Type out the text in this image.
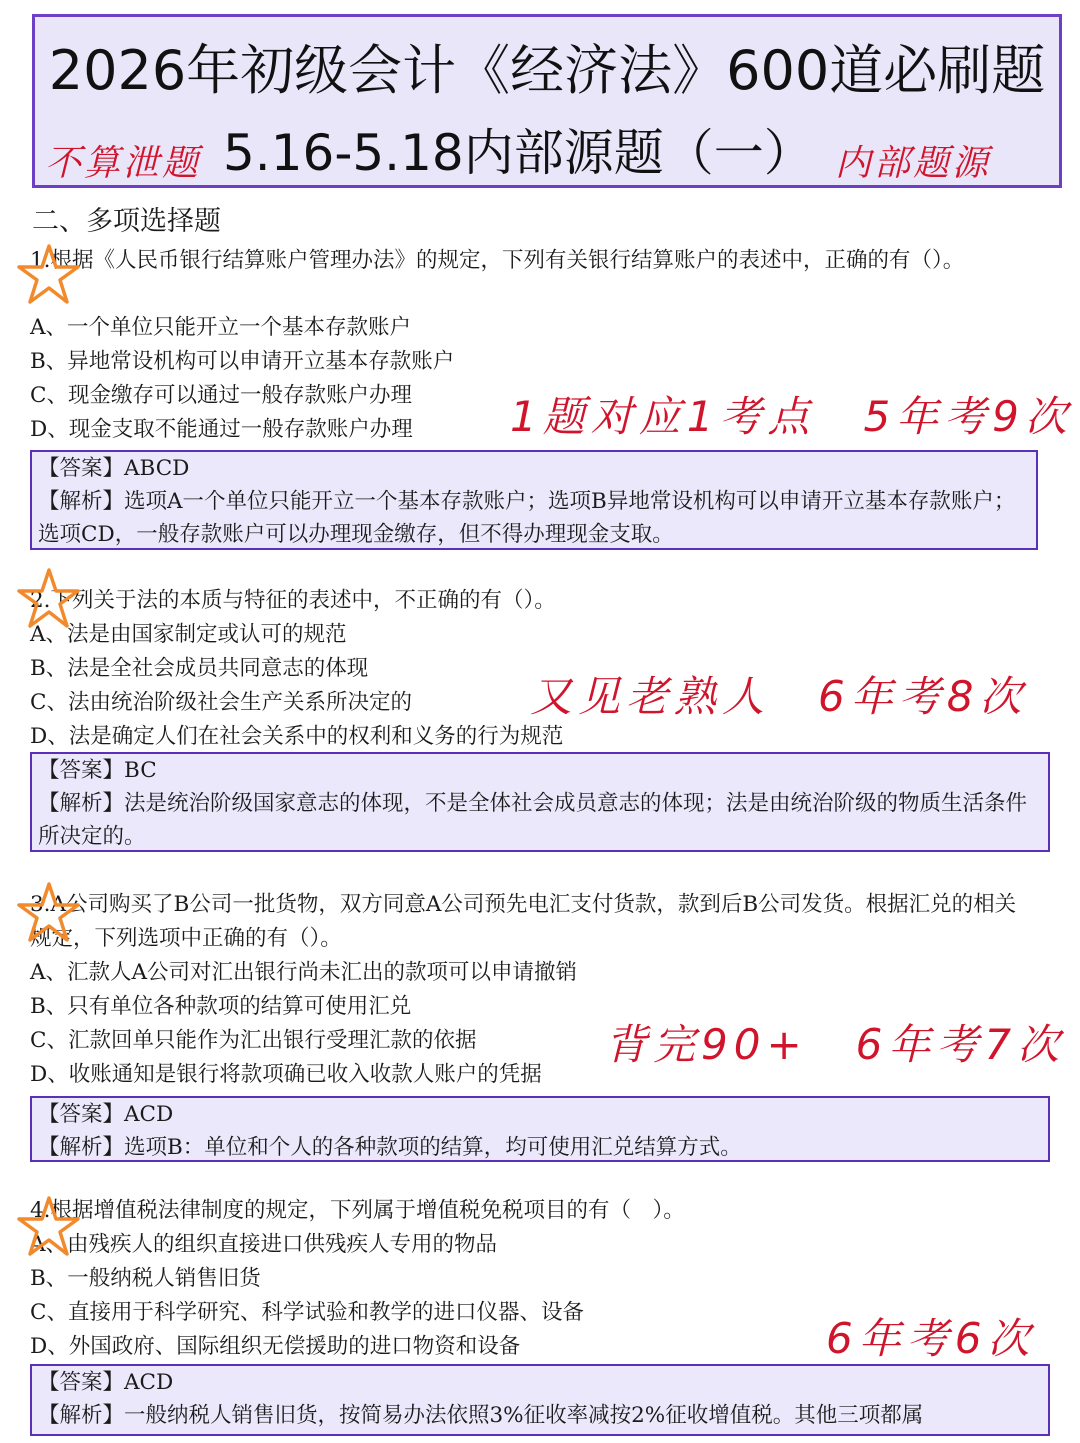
2026年初级会计《经济法》600道必刷题
不算泄题 5.16-5.18内部源题（一） 内部题源
二、多项选择题
1.根据《人民币银行结算账户管理办法》的规定，下列有关银行结算账户的表述中，正确的有（）。
A、一个单位只能开立一个基本存款账户
B、异地常设机构可以申请开立基本存款账户
C、现金缴存可以通过一般存款账户办理
D、现金支取不能通过一般存款账户办理 1题对应1考点　5年考9次
【答案】ABCD
【解析】选项A一个单位只能开立一个基本存款账户；选项B异地常设机构可以申请开立基本存款账户；选项CD，一般存款账户可以办理现金缴存，但不得办理现金支取。
2.下列关于法的本质与特征的表述中，不正确的有（）。
A、法是由国家制定或认可的规范
B、法是全社会成员共同意志的体现
C、法由统治阶级社会生产关系所决定的
D、法是确定人们在社会关系中的权利和义务的行为规范
又见老熟人　6年考8次
【答案】BC
【解析】法是统治阶级国家意志的体现，不是全体社会成员意志的体现；法是由统治阶级的物质生活条件所决定的。
3.A公司购买了B公司一批货物，双方同意A公司预先电汇支付货款，款到后B公司发货。根据汇兑的相关规定，下列选项中正确的有（）。
A、汇款人A公司对汇出银行尚未汇出的款项可以申请撤销
B、只有单位各种款项的结算可使用汇兑
C、汇款回单只能作为汇出银行受理汇款的依据
D、收账通知是银行将款项确已收入收款人账户的凭据
背完90+　6年考7次
【答案】ACD
【解析】选项B：单位和个人的各种款项的结算，均可使用汇兑结算方式。
4.根据增值税法律制度的规定，下列属于增值税免税项目的有（　）。
A、由残疾人的组织直接进口供残疾人专用的物品
B、一般纳税人销售旧货
C、直接用于科学研究、科学试验和教学的进口仪器、设备
D、外国政府、国际组织无偿援助的进口物资和设备	6年考6次
【答案】ACD
【解析】一般纳税人销售旧货，按简易办法依照3%征收率减按2%征收增值税。其他三项都属
